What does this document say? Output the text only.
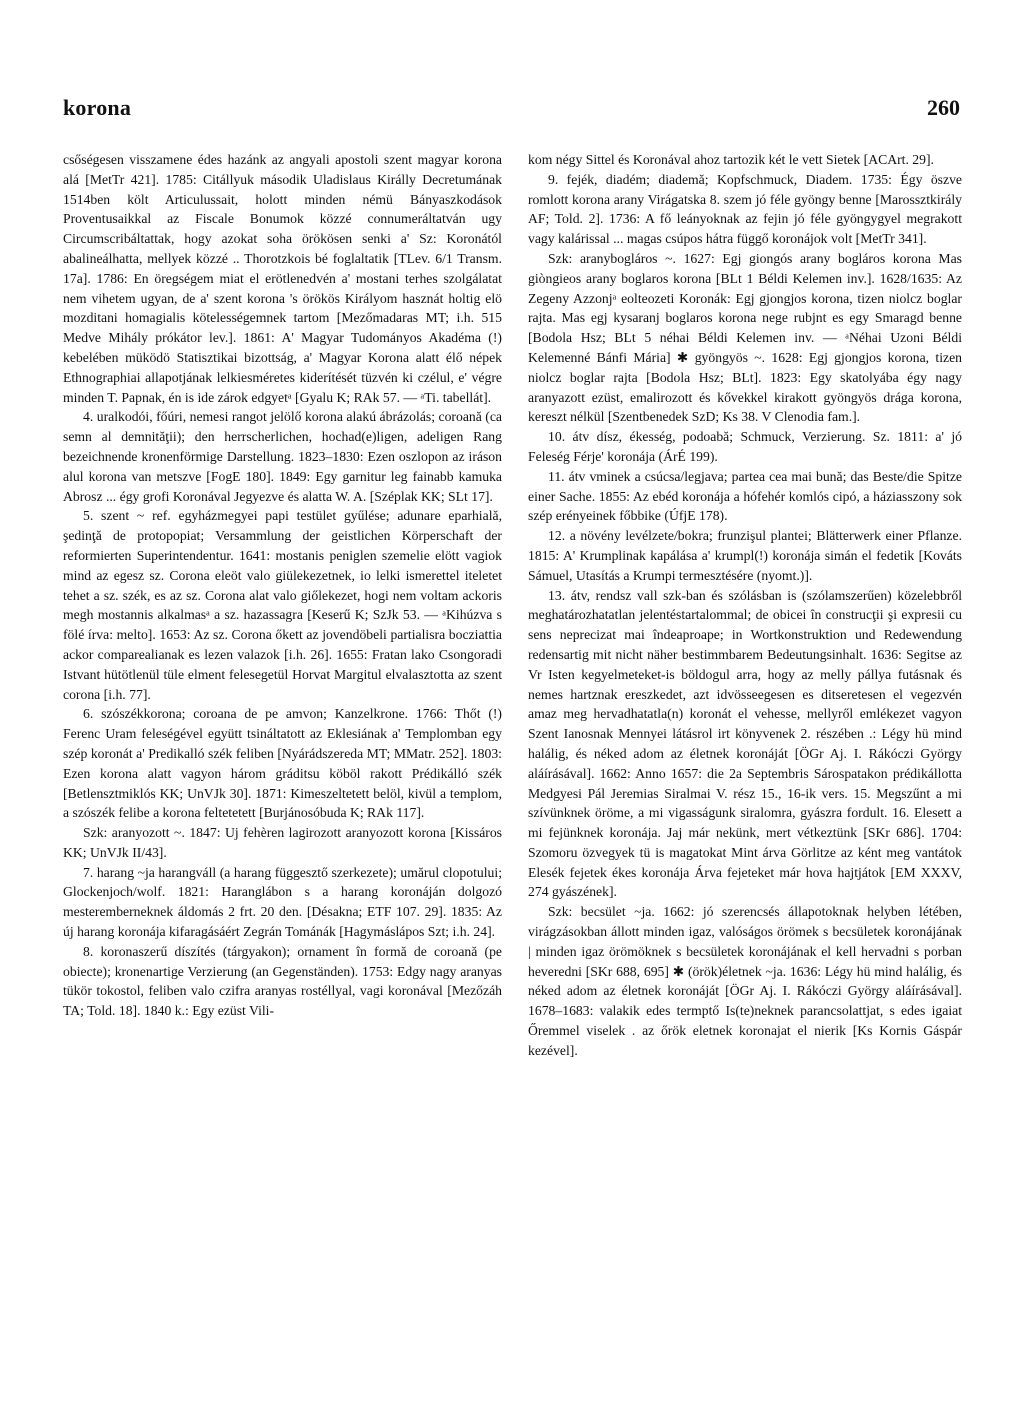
korona	260

csőségesen visszamene édes hazánk az angyali apostoli szent magyar korona alá [MetTr 421]. 1785: Citállyuk második Uladislaus Királly Decretumának 1514ben költ Articulussait, holott minden némü Bányaszkodások Proventusaikkal az Fiscale Bonumok közzé connumeráltatván ugy Circumscribáltattak, hogy azokat soha örökösen senki a' Sz: Koronától abalineálhatta, mellyek közzé .. Thorotzkois bé foglaltatik [TLev. 6/1 Transm. 17a]. 1786: En öregségem miat el erötlenedvén a' mostani terhes szolgálatat nem vihetem ugyan, de a' szent korona 's örökös Királyom hasznát holtig elö mozditani homagialis kötelességemnek tartom [Mezőmadaras MT; i.h. 515 Medve Mihály prókátor lev.]. 1861: A' Magyar Tudományos Akadéma (!) kebelében müködö Statisztikai bizottság, a' Magyar Korona alatt élő népek Ethnographiai allapotjának lelkiesméretes kiderítését tüzvén ki czélul, e' végre minden T. Papnak, én is ide zárok edgyetᵃ [Gyalu K; RAk 57. — ᵃTi. tabellát].

4. uralkodói, főúri, nemesi rangot jelölő korona alakú ábrázolás; coroană (ca semn al demnităţii); den herrscherlichen, hochad(e)ligen, adeligen Rang bezeichnende kronenförmige Darstellung. 1823–1830: Ezen oszlopon az iráson alul korona van metszve [FogE 180]. 1849: Egy garnitur leg fainabb kamuka Abrosz ... égy grofi Koronával Jegyezve és alatta W. A. [Széplak KK; SLt 17].

5. szent ~ ref. egyházmegyei papi testület gyűlése; adunare eparhială, şedinţă de protopopiat; Versammlung der geistlichen Körperschaft der reformierten Superintendentur. 1641: mostanis peniglen szemelie elött vagiok mind az egesz sz. Corona eleöt valo giülekezetnek, io lelki ismerettel iteletet tehet a sz. szék, es az sz. Corona alat valo giőlekezet, hogi nem voltam ackoris megh mostannis alkalmasᵃ a sz. hazassagra [Keserű K; SzJk 53. — ᵃKihúzva s fölé írva: melto]. 1653: Az sz. Corona őkett az jovendöbeli partialisra bocziattia ackor comparealianak es lezen valazok [i.h. 26]. 1655: Fratan lako Csongoradi Istvant hütötlenül tüle elment felesegetül Horvat Margitul elvalasztotta az szent corona [i.h. 77].

6. szószékkorona; coroana de pe amvon; Kanzelkrone. 1766: Thőt (!) Ferenc Uram feleségével együtt tsináltatott az Eklesiának a' Templomban egy szép koronát a' Predikalló szék feliben [Nyárádszereda MT; MMatr. 252]. 1803: Ezen korona alatt vagyon három gráditsu köböl rakott Prédikálló szék [Betlensztmiklós KK; UnVJk 30]. 1871: Kimeszeltetett belöl, kivül a templom, a szószék felibe a korona feltetetett [Burjánosóbuda K; RAk 117].

Szk: aranyozott ~. 1847: Uj fehèren lagirozott aranyozott korona [Kissáros KK; UnVJk II/43].

7. harang ~ja harangváll (a harang függesztő szerkezete); umărul clopotului; Glockenjoch/wolf. 1821: Haranglábon s a harang koronáján dolgozó mesteremberneknek áldomás 2 frt. 20 den. [Désakna; ETF 107. 29]. 1835: Az új harang koronája kifaragásáért Zegrán Tománák [Hagymáslápos Szt; i.h. 24].

8. koronaszerű díszítés (tárgyakon); ornament în formă de coroană (pe obiecte); kronenartige Verzierung (an Gegenständen). 1753: Edgy nagy aranyas tükör tokostol, feliben valo czifra aranyas rostéllyal, vagi koronával [Mezőzáh TA; Told. 18]. 1840 k.: Egy ezüst Vili-

kom négy Sittel és Koronával ahoz tartozik két le vett Sietek [ACArt. 29].

9. fejék, diadém; diademă; Kopfschmuck, Diadem. 1735: Égy öszve romlott korona arany Virágatska 8. szem jó féle gyöngy benne [Marossztkirály AF; Told. 2]. 1736: A fő leányoknak az fejin jó féle gyöngygyel megrakott vagy kalárissal ... magas csúpos hátra függő koronájok volt [MetTr 341].

Szk: aranybogláros ~. 1627: Egj giongós arany bogláros korona Mas giòngieos arany boglaros korona [BLt 1 Béldi Kelemen inv.]. 1628/1635: Az Zegeny Azzonjᵃ eolteozeti Koronák: Egj gjongjos korona, tizen niolcz boglar rajta. Mas egj kysaranj boglaros korona nege rubjnt es egy Smaragd benne [Bodola Hsz; BLt 5 néhai Béldi Kelemen inv. — ᵃNéhai Uzoni Béldi Kelemenné Bánfi Mária] ✱ gyöngyös ~. 1628: Egj gjongjos korona, tizen niolcz boglar rajta [Bodola Hsz; BLt]. 1823: Egy skatolyába égy nagy aranyazott ezüst, emalirozott és kővekkel kirakott gyöngyös drága korona, kereszt nélkül [Szentbenedek SzD; Ks 38. V Clenodia fam.].

10. átv dísz, ékesség, podoabă; Schmuck, Verzierung. Sz. 1811: a' jó Feleség Férje' koronája (ÁrÉ 199).

11. átv vminek a csúcsa/legjava; partea cea mai bună; das Beste/die Spitze einer Sache. 1855: Az ebéd koronája a hófehér komlós cipó, a háziasszony sok szép erényeinek főbbike (ÚfjE 178).

12. a növény levélzete/bokra; frunzişul plantei; Blätterwerk einer Pflanze. 1815: A' Krumplinak kapálása a' krumpl(!) koronája simán el fedetik [Kováts Sámuel, Utasítás a Krumpi termesztésére (nyomt.)].

13. átv, rendsz vall szk-ban és szólásban is (szólamszerűen) közelebbről meghatározhatatlan jelentéstartalommal; de obicei în construcţii şi expresii cu sens neprecizat mai îndeaproape; in Wortkonstruktion und Redewendung redensartig mit nicht näher bestimmbarem Bedeutungsinhalt. 1636: Segitse az Vr Isten kegyelmeteket-is böldogul arra, hogy az melly pállya futásnak és nemes hartznak ereszkedet, azt idvösseegesen es ditseretesen el vegezvén amaz meg hervadhatatla(n) koronát el vehesse, mellyről emlékezet vagyon Szent Ianosnak Mennyei látásrol irt könyvenek 2. részében .: Légy hü mind halálig, és néked adom az életnek koronáját [ÖGr Aj. I. Rákóczi György aláírásával]. 1662: Anno 1657: die 2a Septembris Sárospatakon prédikállotta Medgyesi Pál Jeremias Siralmai V. rész 15., 16-ik vers. 15. Megszűnt a mi szívünknek öröme, a mi vigasságunk siralomra, gyászra fordult. 16. Elesett a mi fejünknek koronája. Jaj már nekünk, mert vétkeztünk [SKr 686]. 1704: Szomoru özvegyek tü is magatokat Mint árva Görlitze az ként meg vantátok Elesék fejetek ékes koronája Árva fejeteket már hova hajtjátok [EM XXXV, 274 gyászének].

Szk: becsület ~ja. 1662: jó szerencsés állapotoknak helyben létében, virágzásokban állott minden igaz, valóságos örömek s becsületek koronájának | minden igaz örömöknek s becsületek koronájának el kell hervadni s porban heveredni [SKr 688, 695] ✱ (örök)életnek ~ja. 1636: Légy hü mind halálig, és néked adom az életnek koronáját [ÖGr Aj. I. Rákóczi György aláírásával]. 1678–1683: valakik edes termptő Is(te)neknek parancsolattjat, s edes igaiat Őremmel viselek . az őrök eletnek koronajat el nierik [Ks Kornis Gáspár kezével].
